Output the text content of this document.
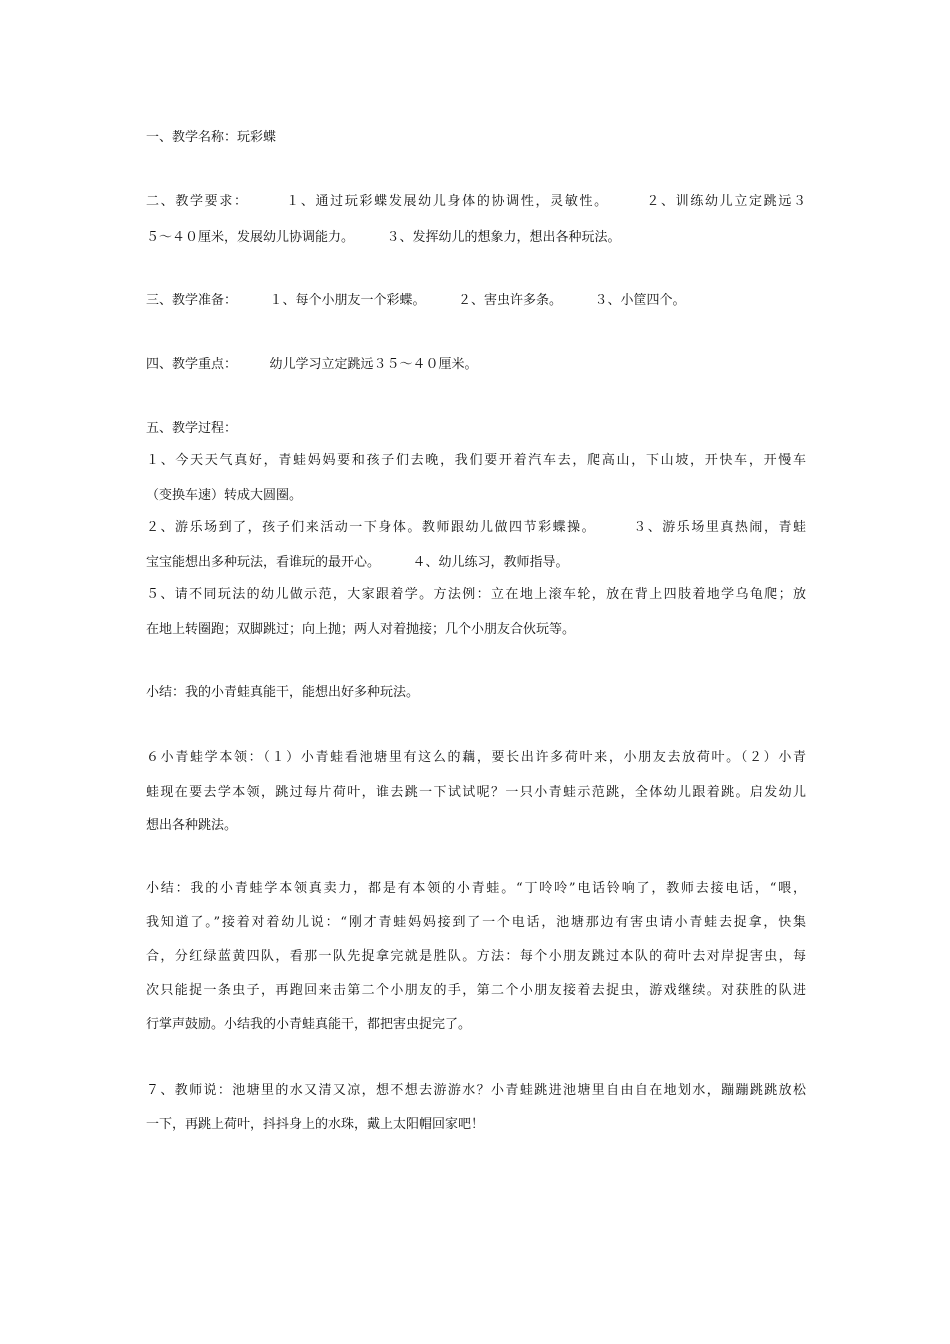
一、教学名称：玩彩蝶
二、教学要求：　　　１、通过玩彩蝶发展幼儿身体的协调性，灵敏性。　　　２、训练幼儿立定跳远３
５～４０厘米，发展幼儿协调能力。　　　３、发挥幼儿的想象力，想出各种玩法。
三、教学准备：　　　１、每个小朋友一个彩蝶。　　　２、害虫许多条。　　　３、小筐四个。
四、教学重点：　　　幼儿学习立定跳远３５～４０厘米。
五、教学过程：
１、今天天气真好，青蛙妈妈要和孩子们去晚，我们要开着汽车去，爬高山，下山坡，开快车，开慢车
（变换车速）转成大圆圈。
２、游乐场到了，孩子们来活动一下身体。教师跟幼儿做四节彩蝶操。　　　３、游乐场里真热闹，青蛙
宝宝能想出多种玩法，看谁玩的最开心。　　　４、幼儿练习，教师指导。
５、请不同玩法的幼儿做示范，大家跟着学。方法例：立在地上滚车轮，放在背上四肢着地学乌龟爬；放
在地上转圈跑；双脚跳过；向上抛；两人对着抛接；几个小朋友合伙玩等。
小结：我的小青蛙真能干，能想出好多种玩法。
６小青蛙学本领：（１）小青蛙看池塘里有这么的藕，要长出许多荷叶来，小朋友去放荷叶。（２）小青
蛙现在要去学本领，跳过每片荷叶，谁去跳一下试试呢？一只小青蛙示范跳，全体幼儿跟着跳。启发幼儿
想出各种跳法。
小结：我的小青蛙学本领真卖力，都是有本领的小青蛙。“丁呤呤”电话铃响了，教师去接电话，“喂，
我知道了。”接着对着幼儿说：“刚才青蛙妈妈接到了一个电话，池塘那边有害虫请小青蛙去捉拿，快集
合，分红绿蓝黄四队，看那一队先捉拿完就是胜队。方法：每个小朋友跳过本队的荷叶去对岸捉害虫，每
次只能捉一条虫子，再跑回来击第二个小朋友的手，第二个小朋友接着去捉虫，游戏继续。对获胜的队进
行掌声鼓励。小结我的小青蛙真能干，都把害虫捉完了。
７、教师说：池塘里的水又清又凉，想不想去游游水？小青蛙跳进池塘里自由自在地划水，蹦蹦跳跳放松
一下，再跳上荷叶，抖抖身上的水珠，戴上太阳帽回家吧！
